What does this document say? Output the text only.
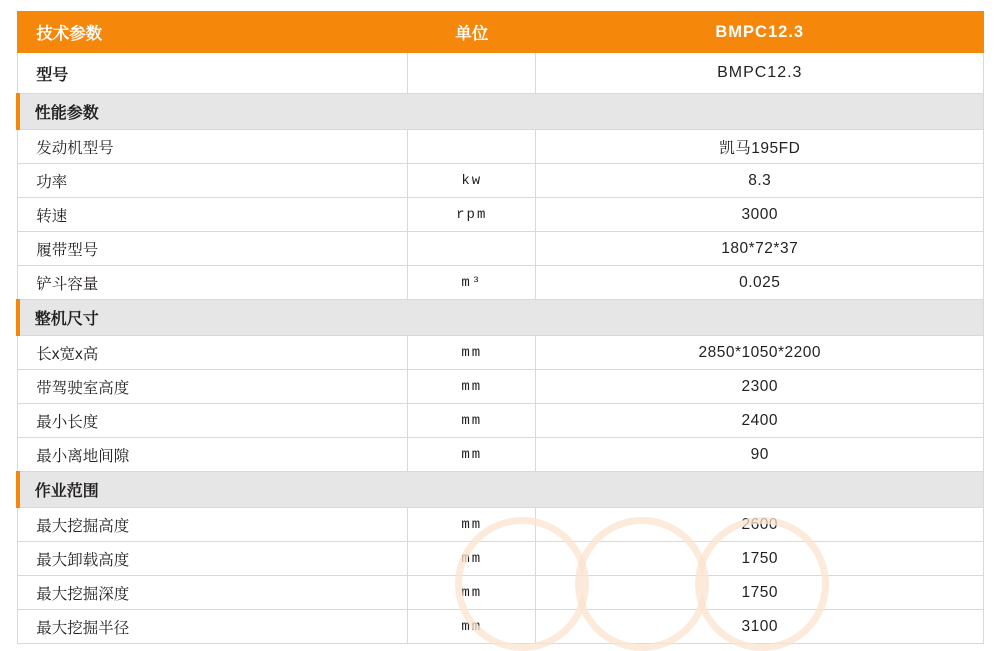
技术参数	单位	BMPC12.3
型号		BMPC12.3
性能参数		
发动机型号		凯马195FD
功率	kw	8.3
转速	rpm	3000
履带型号		180*72*37
铲斗容量	m³	0.025
整机尺寸		
长x宽x高	mm	2850*1050*2200
带驾驶室高度	mm	2300
最小长度	mm	2400
最小离地间隙	mm	90
作业范围		
最大挖掘高度	mm	2600
最大卸载高度	mm	1750
最大挖掘深度	mm	1750
最大挖掘半径	mm	3100
